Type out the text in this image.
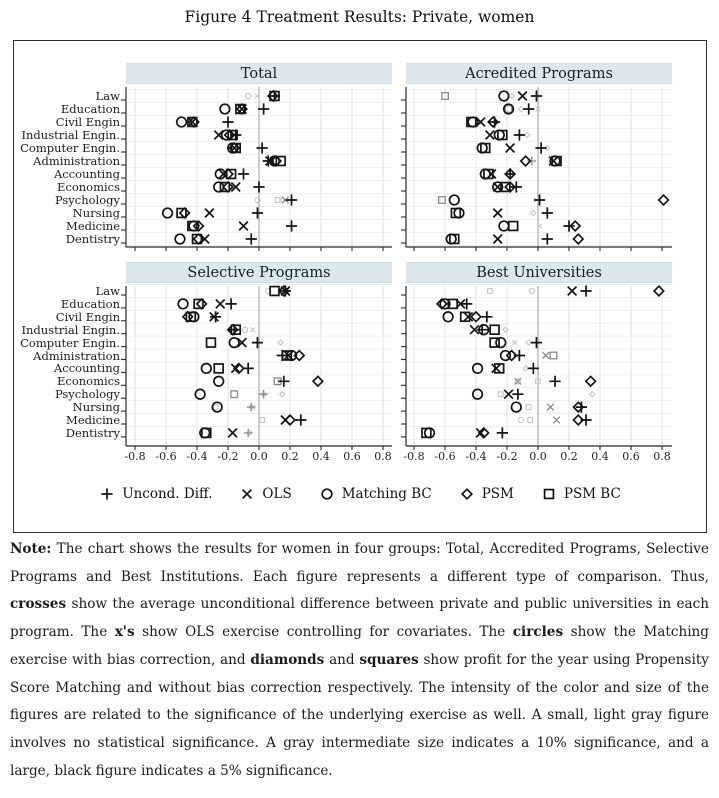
Figure 4 Treatment Results: Private, women
Total	Acredited Programs
Selective Programs	Best Universities
Law
Education
Civil Engin
Industrial Engin.
Computer Engin.
Administration
Accounting
Economics
Psychology
Nursing
Medicine
Dentistry
Law
Education
Civil Engin
Industrial Engin.
Computer Engin.
Administration
Accounting
Economics
Psychology
Nursing
Medicine
Dentistry
-0.8 -0.6 -0.4 -0.2	0.0	0.2	0.4	0.6	0.8	-0.8 -0.6 -0.4 -0.2	0.0	0.2	0.4	0.6	0.8
Uncond. Diff.	OLS	Matching BC	PSM	PSM BC
Note: The chart shows the results for women in four groups: Total, Accredited Programs, Selective Programs and Best Institutions. Each figure represents a different type of comparison. Thus, crosses show the average unconditional difference between private and public universities in each program. The x's show OLS exercise controlling for covariates. The circles show the Matching exercise with bias correction, and diamonds and squares show profit for the year using Propensity Score Matching and without bias correction respectively. The intensity of the color and size of the figures are related to the significance of the underlying exercise as well. A small, light gray figure involves no statistical significance. A gray intermediate size indicates a 10% significance, and a large, black figure indicates a 5% significance.
